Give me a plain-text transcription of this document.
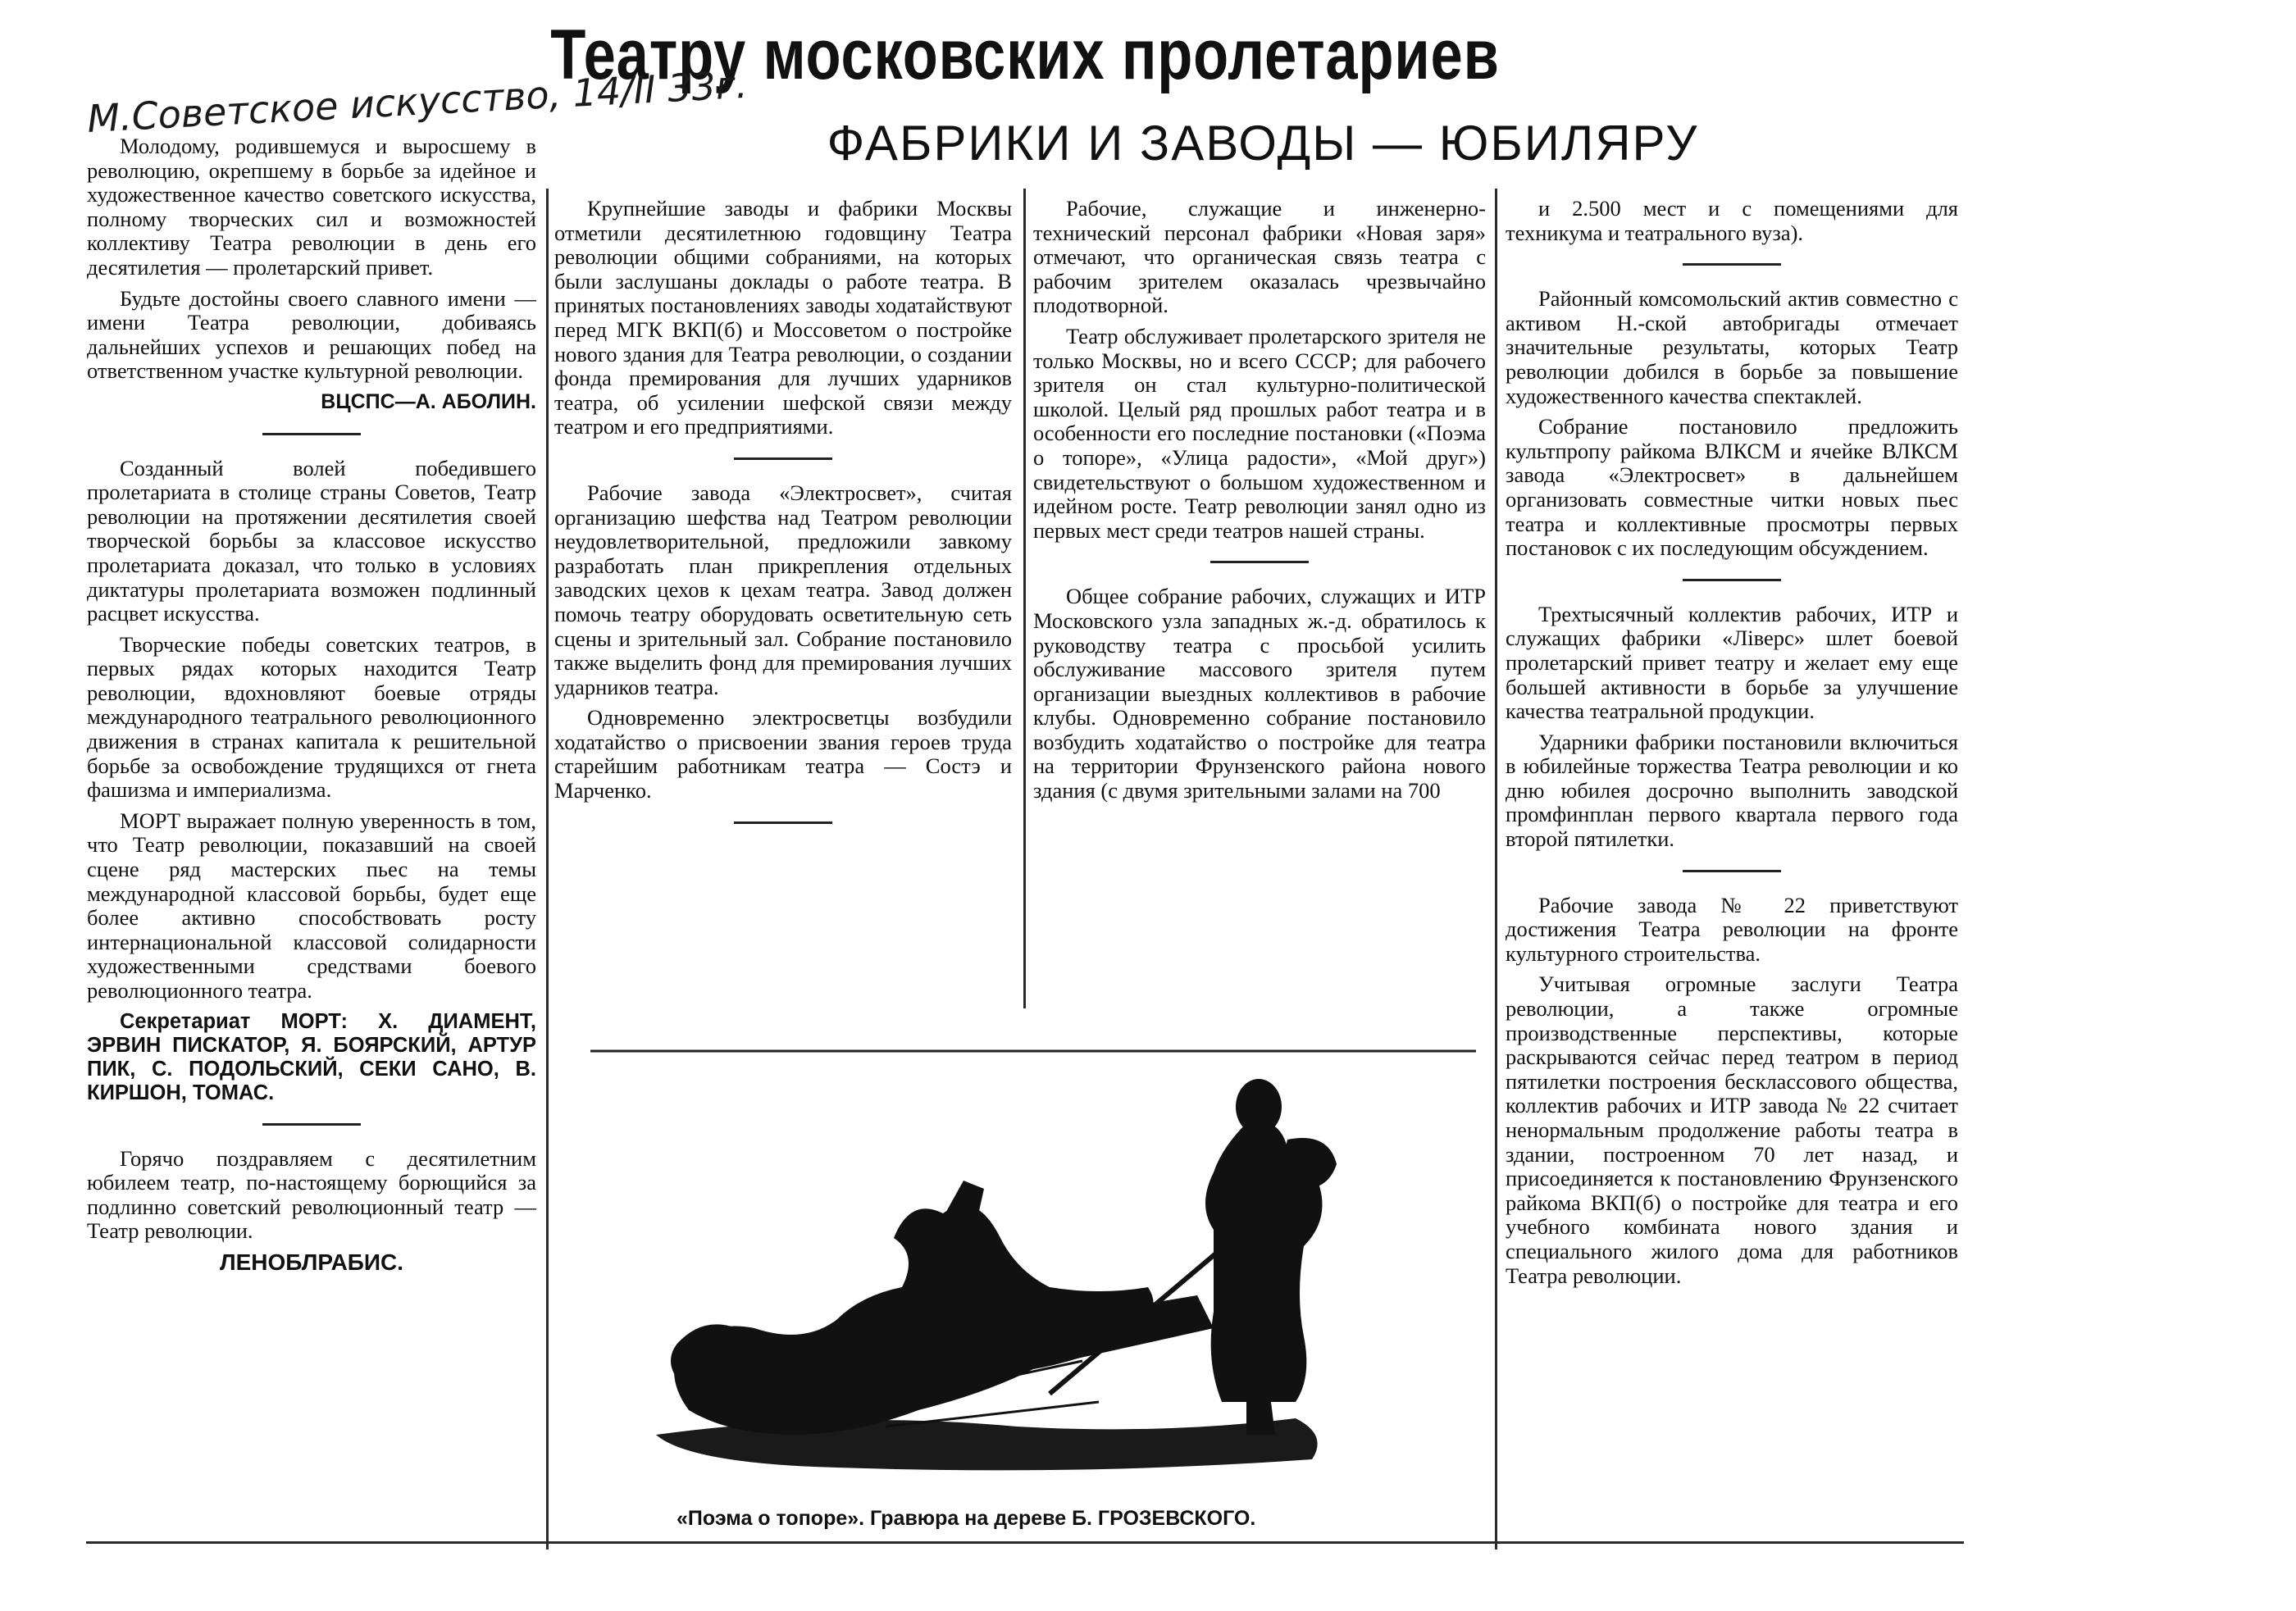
Театру московских пролетариев
М.Советское искусство, 14/II 33г.
ФАБРИКИ И ЗАВОДЫ — ЮБИЛЯРУ

Молодому, родившемуся и выросшему в революцию, окрепшему в борьбе за идейное и художественное качество советского искусства, полному творческих сил и возможностей коллективу Театра революции в день его десятилетия — пролетарский привет.

Будьте достойны своего славного имени — имени Театра революции, добиваясь дальнейших успехов и решающих побед на ответственном участке культурной революции.

ВЦСПС—А. АБОЛИН.

Созданный волей победившего пролетариата в столице страны Советов, Театр революции на протяжении десятилетия своей творческой борьбы за классовое искусство пролетариата доказал, что только в условиях диктатуры пролетариата возможен подлинный расцвет искусства.

Творческие победы советских театров, в первых рядах которых находится Театр революции, вдохновляют боевые отряды международного театрального революционного движения в странах капитала к решительной борьбе за освобождение трудящихся от гнета фашизма и империализма.

МОРТ выражает полную уверенность в том, что Театр революции, показавший на своей сцене ряд мастерских пьес на темы международной классовой борьбы, будет еще более активно способствовать росту интернациональной классовой солидарности художественными средствами боевого революционного театра.

Секретариат МОРТ: Х. ДИАМЕНТ, ЭРВИН ПИСКАТОР, Я. БОЯРСКИЙ, АРТУР ПИК, С. ПОДОЛЬСКИЙ, СЕКИ САНО, В. КИРШОН, ТОМАС.

Горячо поздравляем с десятилетним юбилеем театр, по-настоящему борющийся за подлинно советский революционный театр — Театр революции.

ЛЕНОБЛРАБИС.

Крупнейшие заводы и фабрики Москвы отметили десятилетнюю годовщину Театра революции общими собраниями, на которых были заслушаны доклады о работе театра. В принятых постановлениях заводы ходатайствуют перед МГК ВКП(б) и Моссоветом о постройке нового здания для Театра революции, о создании фонда премирования для лучших ударников театра, об усилении шефской связи между театром и его предприятиями.

Рабочие завода «Электросвет», считая организацию шефства над Театром революции неудовлетворительной, предложили завкому разработать план прикрепления отдельных заводских цехов к цехам театра. Завод должен помочь театру оборудовать осветительную сеть сцены и зрительный зал. Собрание постановило также выделить фонд для премирования лучших ударников театра.

Одновременно электросветцы возбудили ходатайство о присвоении звания героев труда старейшим работникам театра — Состэ и Марченко.

Рабочие, служащие и инженерно-технический персонал фабрики «Новая заря» отмечают, что органическая связь театра с рабочим зрителем оказалась чрезвычайно плодотворной.

Театр обслуживает пролетарского зрителя не только Москвы, но и всего СССР; для рабочего зрителя он стал культурно-политической школой. Целый ряд прошлых работ театра и в особенности его последние постановки («Поэма о топоре», «Улица радости», «Мой друг») свидетельствуют о большом художественном и идейном росте. Театр революции занял одно из первых мест среди театров нашей страны.

Общее собрание рабочих, служащих и ИТР Московского узла западных ж.-д. обратилось к руководству театра с просьбой усилить обслуживание массового зрителя путем организации выездных коллективов в рабочие клубы. Одновременно собрание постановило возбудить ходатайство о постройке для театра на территории Фрунзенского района нового здания (с двумя зрительными залами на 700

и 2.500 мест и с помещениями для техникума и театрального вуза).

Районный комсомольский актив совместно с активом Н.-ской автобригады отмечает значительные результаты, которых Театр революции добился в борьбе за повышение художественного качества спектаклей.

Собрание постановило предложить культпропу райкома ВЛКСМ и ячейке ВЛКСМ завода «Электросвет» в дальнейшем организовать совместные читки новых пьес театра и коллективные просмотры первых постановок с их последующим обсуждением.

Трехтысячный коллектив рабочих, ИТР и служащих фабрики «Ліверс» шлет боевой пролетарский привет театру и желает ему еще большей активности в борьбе за улучшение качества театральной продукции.

Ударники фабрики постановили включиться в юбилейные торжества Театра революции и ко дню юбилея досрочно выполнить заводской промфинплан первого квартала первого года второй пятилетки.

Рабочие завода № 22 приветствуют достижения Театра революции на фронте культурного строительства.

Учитывая огромные заслуги Театра революции, а также огромные производственные перспективы, которые раскрываются сейчас перед театром в период пятилетки построения бесклассового общества, коллектив рабочих и ИТР завода № 22 считает ненормальным продолжение работы театра в здании, построенном 70 лет назад, и присоединяется к постановлению Фрунзенского райкома ВКП(б) о постройке для театра и его учебного комбината нового здания и специального жилого дома для работников Театра революции.

«Поэма о топоре». Гравюра на дереве Б. ГРОЗЕВСКОГО.
